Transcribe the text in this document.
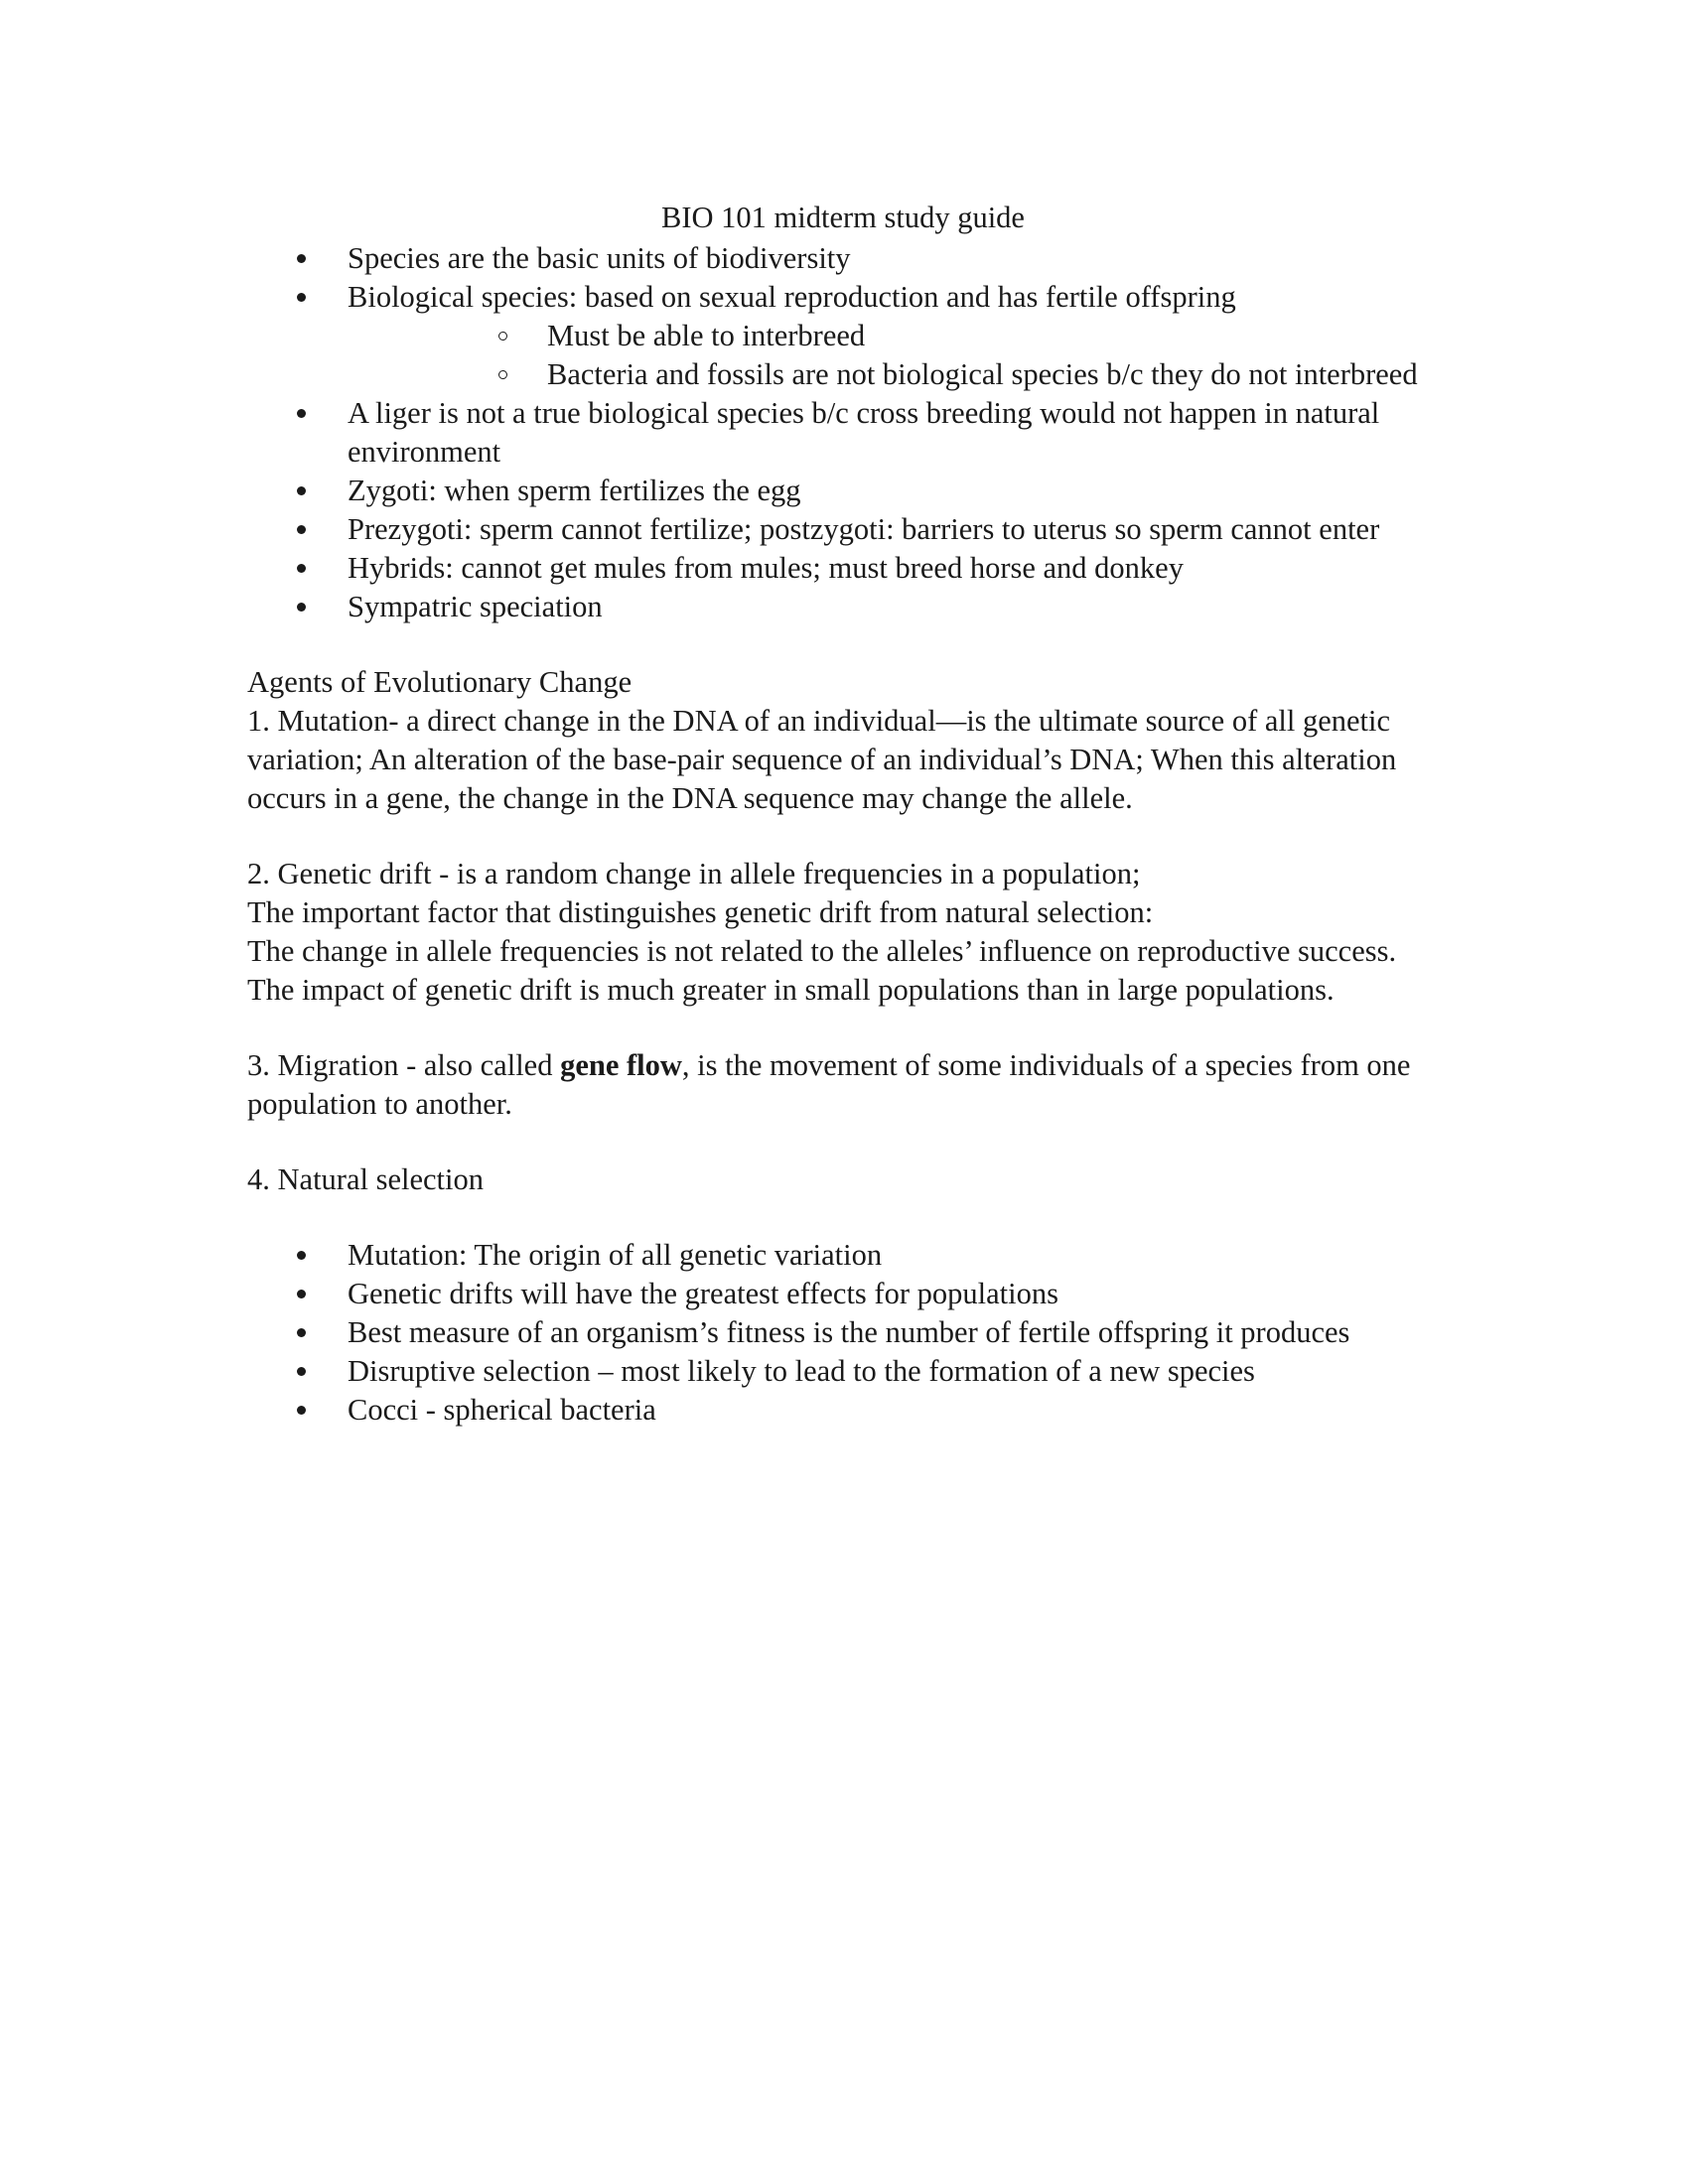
BIO 101 midterm study guide
Species are the basic units of biodiversity
Biological species: based on sexual reproduction and has fertile offspring
Must be able to interbreed
Bacteria and fossils are not biological species b/c they do not interbreed
A liger is not a true biological species b/c cross breeding would not happen in natural environment
Zygoti: when sperm fertilizes the egg
Prezygoti: sperm cannot fertilize; postzygoti: barriers to uterus so sperm cannot enter
Hybrids: cannot get mules from mules; must breed horse and donkey
Sympatric speciation

Agents of Evolutionary Change

1. Mutation- a direct change in the DNA of an individual—is the ultimate source of all genetic variation; An alteration of the base-pair sequence of an individual’s DNA; When this alteration occurs in a gene, the change in the DNA sequence may change the allele.

2. Genetic drift - is a random change in allele frequencies in a population;

The important factor that distinguishes genetic drift from natural selection:

The change in allele frequencies is not related to the alleles’ influence on reproductive success.

The impact of genetic drift is much greater in small populations than in large populations.

3. Migration - also called gene flow, is the movement of some individuals of a species from one population to another.

4. Natural selection

Mutation: The origin of all genetic variation
Genetic drifts will have the greatest effects for populations
Best measure of an organism’s fitness is the number of fertile offspring it produces
Disruptive selection – most likely to lead to the formation of a new species
Cocci - spherical bacteria
